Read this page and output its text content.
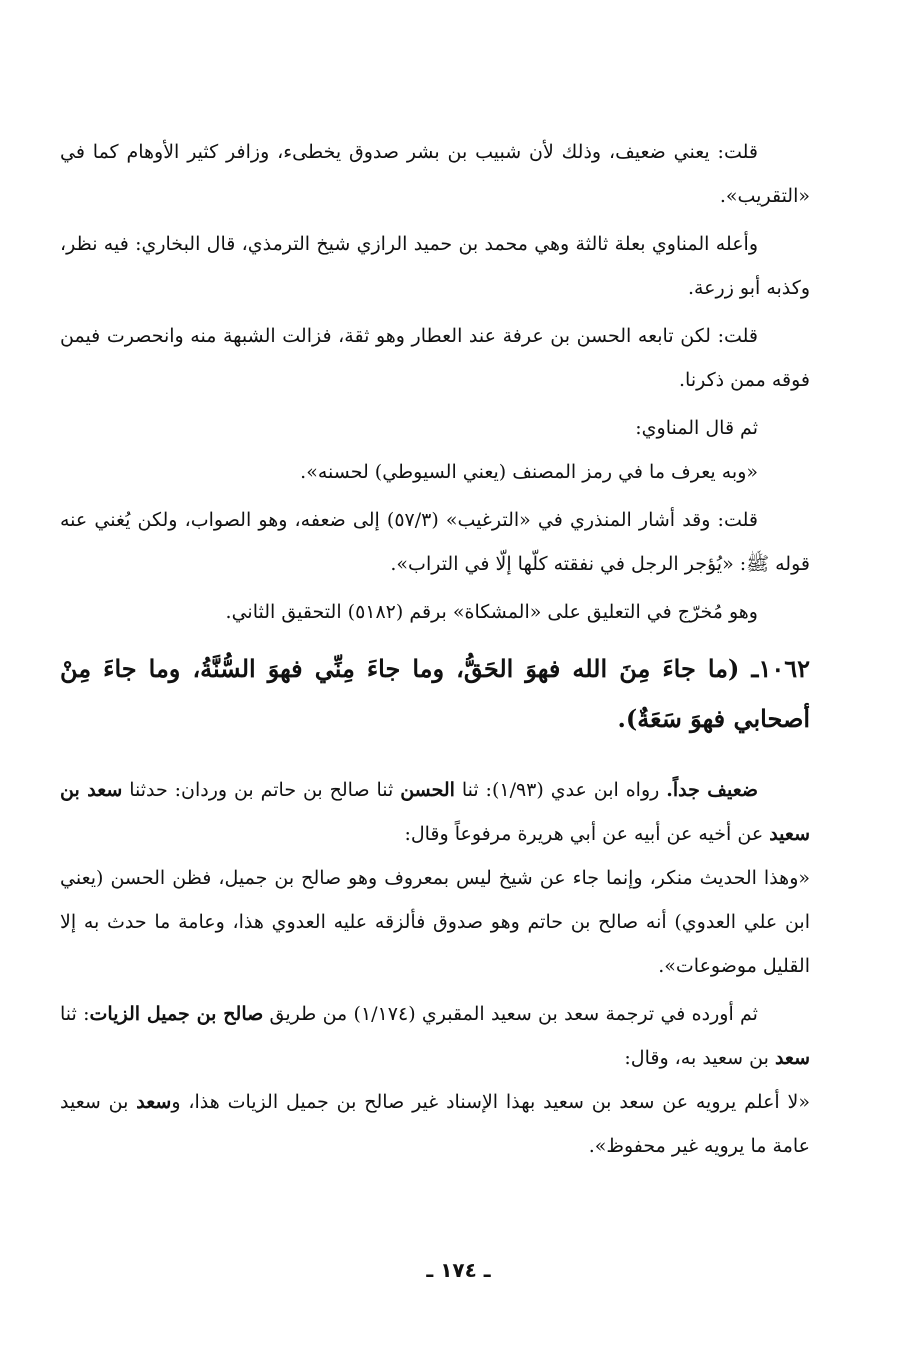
قلت: يعني ضعيف، وذلك لأن شبيب بن بشر صدوق يخطىء، وزافر كثير الأوهام كما في «التقريب».

وأعله المناوي بعلة ثالثة وهي محمد بن حميد الرازي شيخ الترمذي، قال البخاري: فيه نظر، وكذبه أبو زرعة.

قلت: لكن تابعه الحسن بن عرفة عند العطار وهو ثقة، فزالت الشبهة منه وانحصرت فيمن فوقه ممن ذكرنا.

ثم قال المناوي:

«وبه يعرف ما في رمز المصنف (يعني السيوطي) لحسنه».

قلت: وقد أشار المنذري في «الترغيب» (٥٧/٣) إلى ضعفه، وهو الصواب، ولكن يُغني عنه قوله ﷺ: «يُؤجر الرجل في نفقته كلّها إلّا في التراب».

وهو مُخرّج في التعليق على «المشكاة» برقم (٥١٨٢) التحقيق الثاني.

١٠٦٢ـ (ما جاءَ مِنَ الله فهوَ الحَقُّ، وما جاءَ مِنِّي فهوَ السُّنَّةُ، وما جاءَ مِنْ أصحابي فهوَ سَعَةٌ).

ضعيف جداً. رواه ابن عدي (١/٩٣): ثنا الحسن ثنا صالح بن حاتم بن وردان: حدثنا سعد بن سعيد عن أخيه عن أبيه عن أبي هريرة مرفوعاً وقال:

«وهذا الحديث منكر، وإنما جاء عن شيخ ليس بمعروف وهو صالح بن جميل، فظن الحسن (يعني ابن علي العدوي) أنه صالح بن حاتم وهو صدوق فألزقه عليه العدوي هذا، وعامة ما حدث به إلا القليل موضوعات».

ثم أورده في ترجمة سعد بن سعيد المقبري (١/١٧٤) من طريق صالح بن جميل الزيات: ثنا سعد بن سعيد به، وقال:

«لا أعلم يرويه عن سعد بن سعيد بهذا الإسناد غير صالح بن جميل الزيات هذا، وسعد بن سعيد عامة ما يرويه غير محفوظ».

ـ ١٧٤ ـ
